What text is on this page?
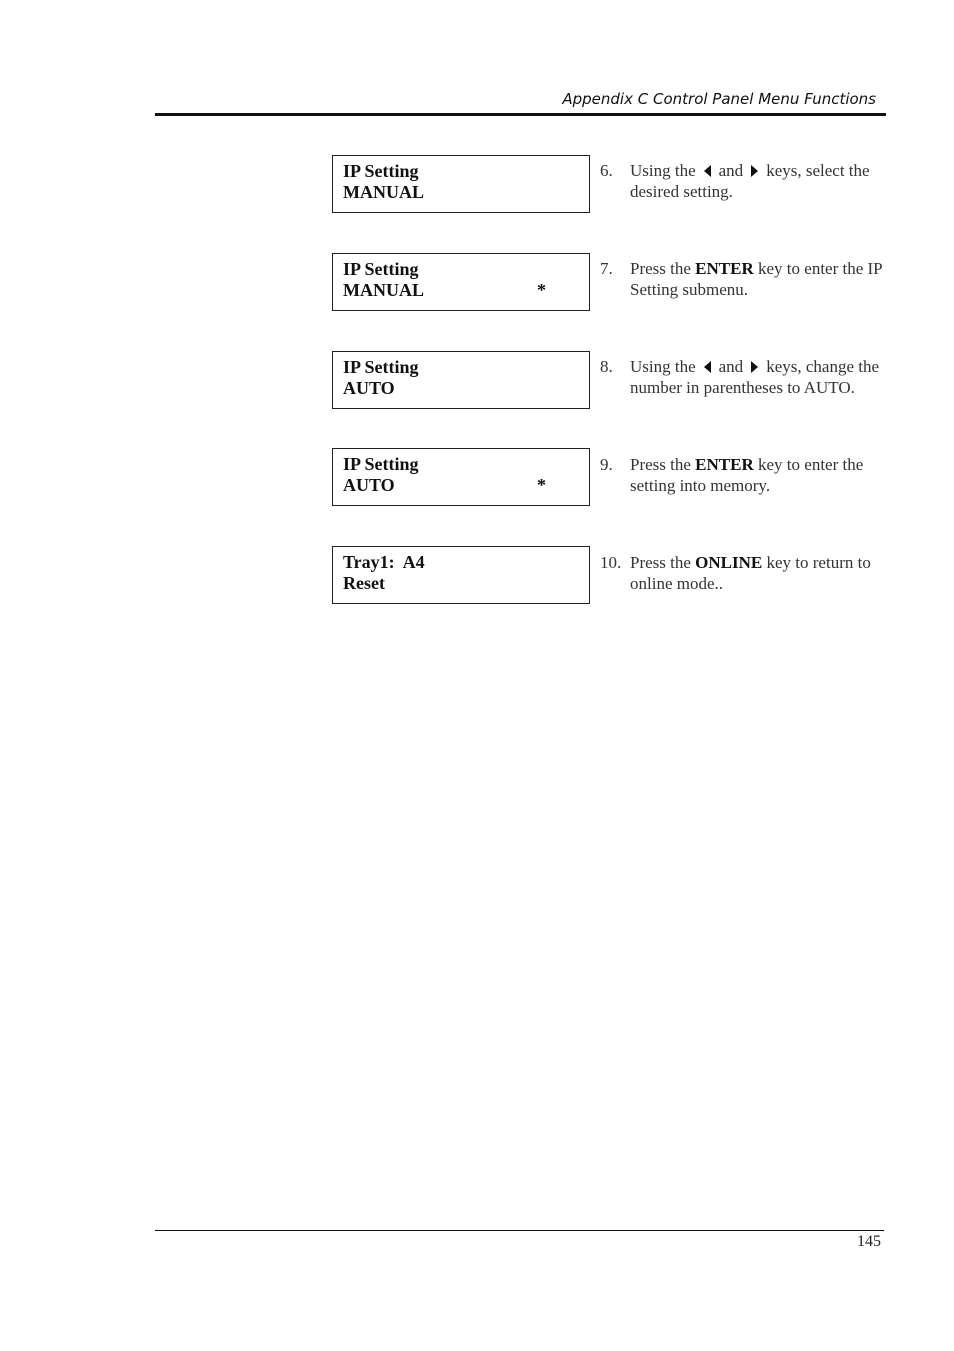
Appendix C Control Panel Menu Functions
IP Setting
MANUAL
6. Using the and keys, select the desired setting.
IP Setting
MANUAL	*
7. Press the ENTER key to enter the IP Setting submenu.
IP Setting
AUTO
8. Using the and keys, change the number in parentheses to AUTO.
IP Setting
AUTO	*
9. Press the ENTER key to enter the setting into memory.
Tray1:  A4
Reset
10. Press the ONLINE key to return to online mode..
145
